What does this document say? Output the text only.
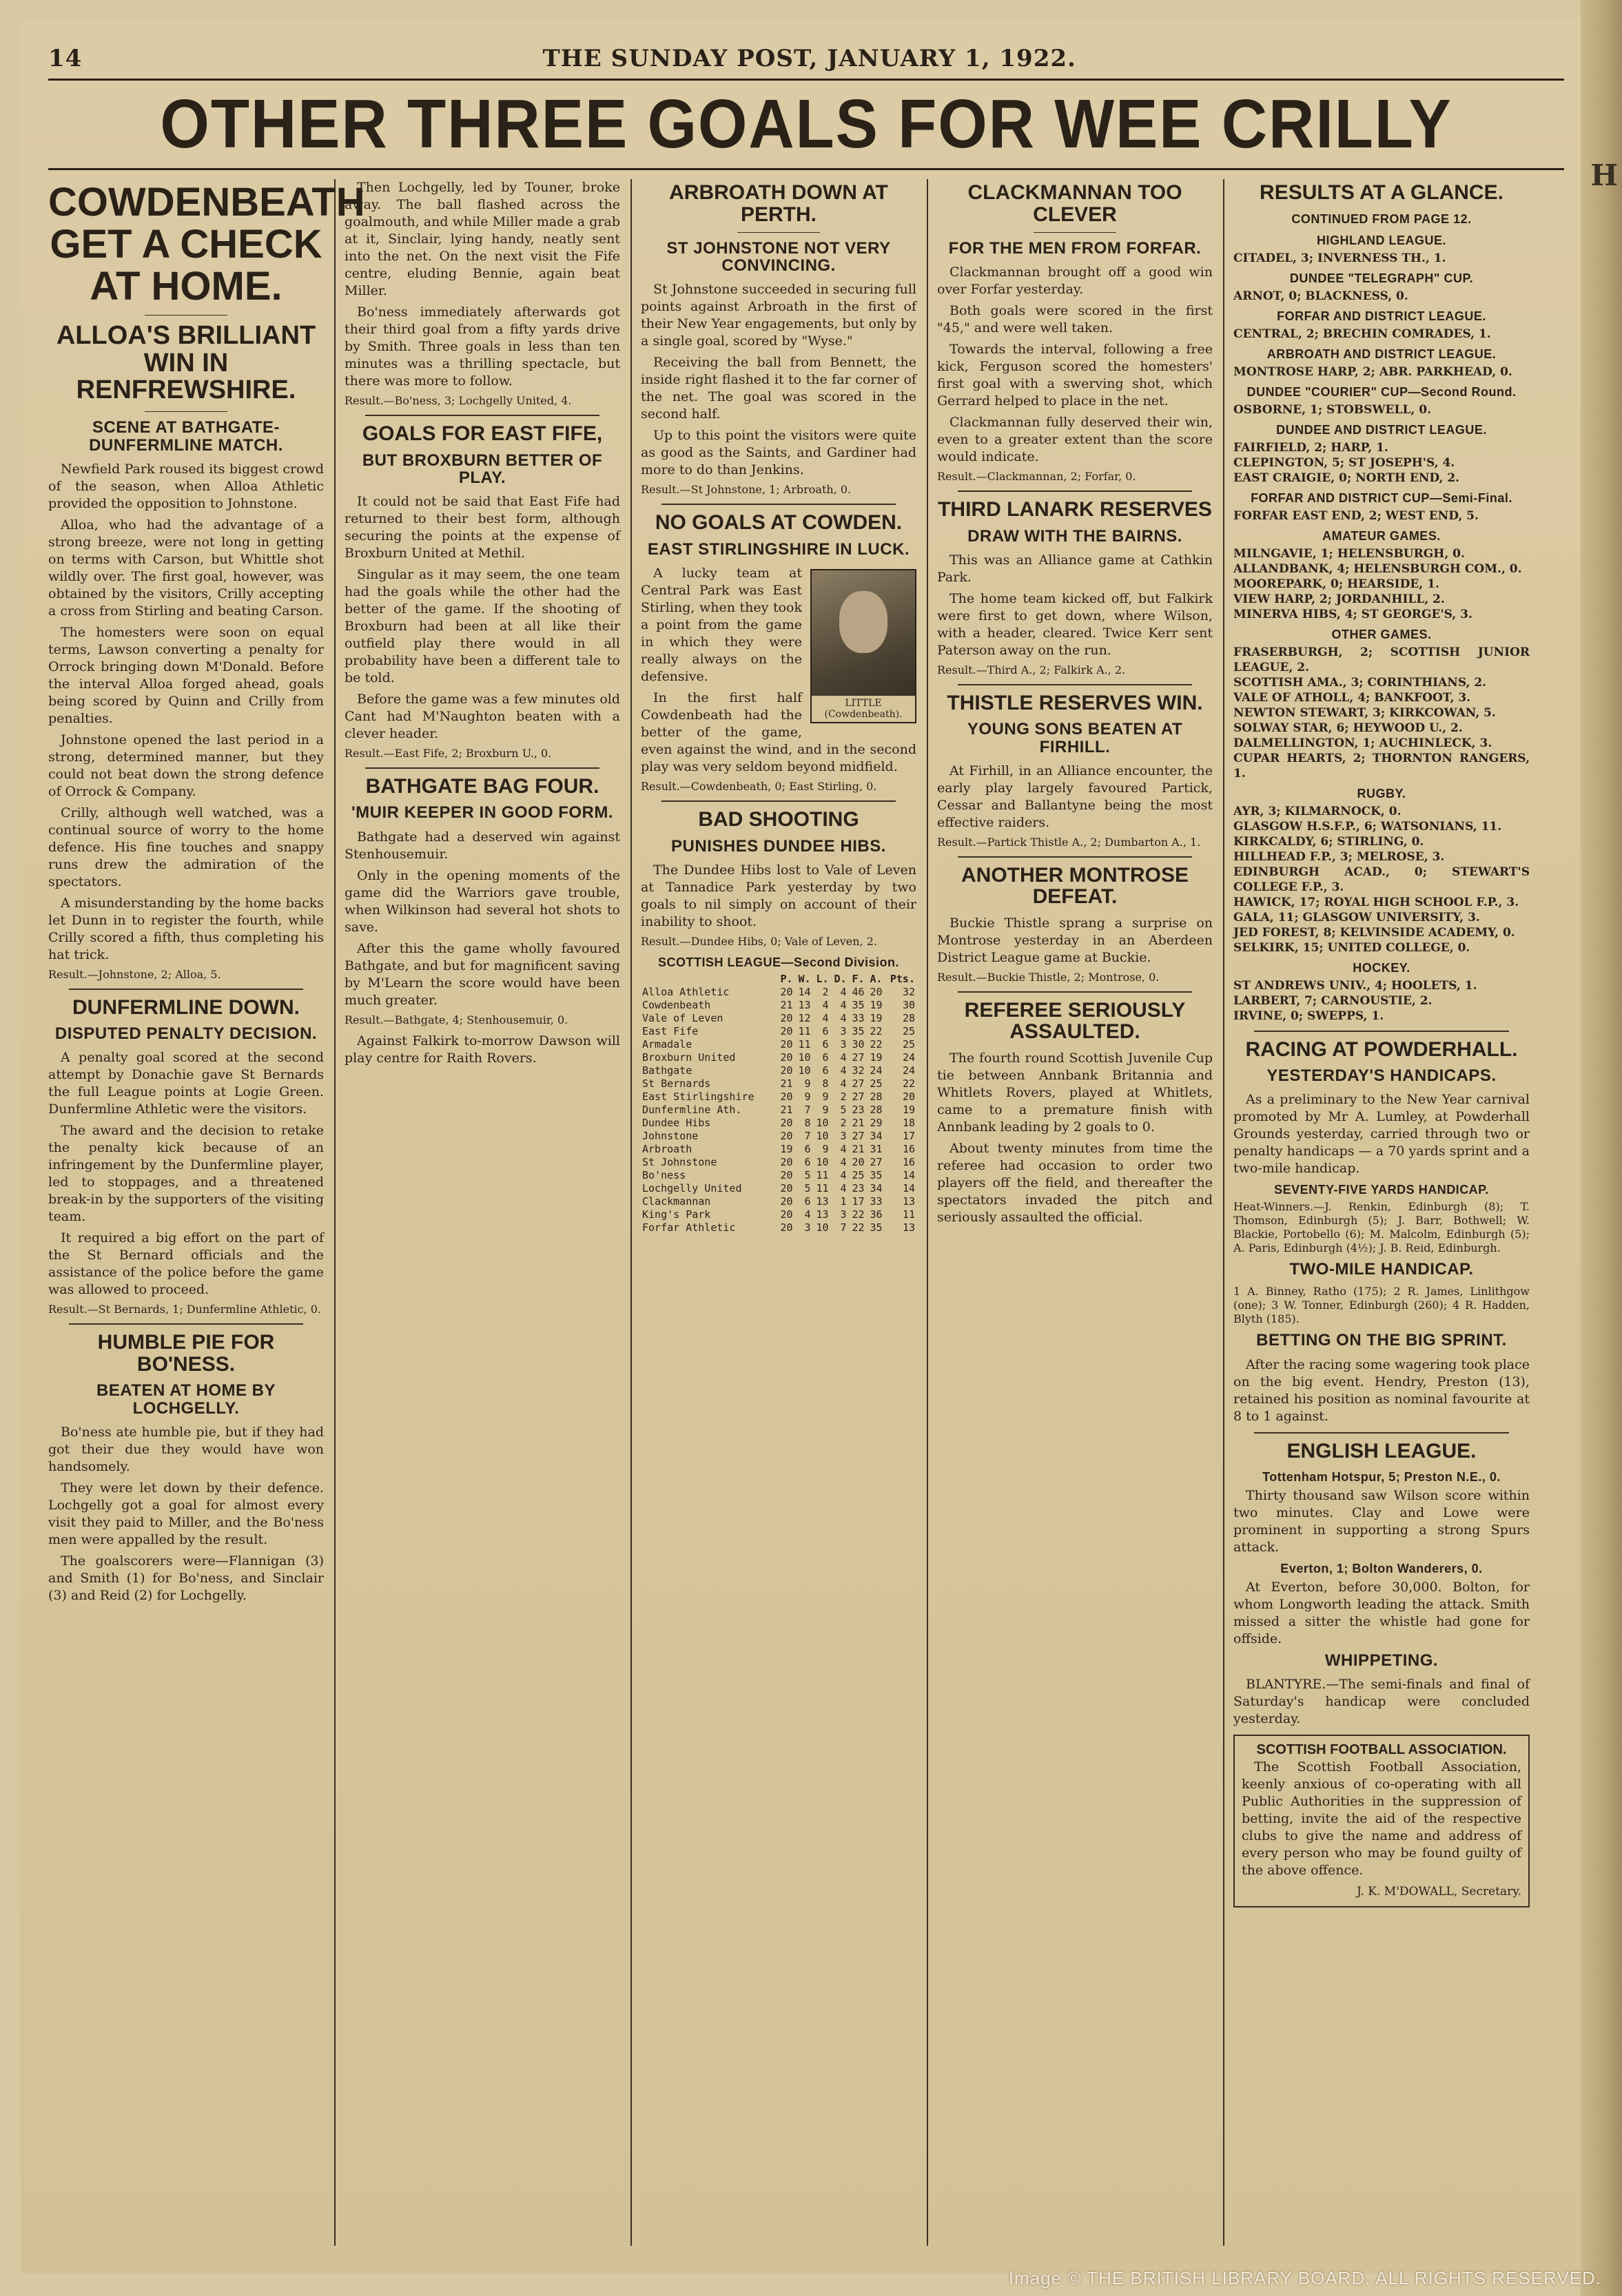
14	THE SUNDAY POST, JANUARY 1, 1922.
OTHER THREE GOALS FOR WEE CRILLY
COWDENBEATH GET A CHECK AT HOME.
ALLOA'S BRILLIANT WIN IN RENFREWSHIRE.
SCENE AT BATHGATE-DUNFERMLINE MATCH.

Newfield Park roused its biggest crowd of the season, when Alloa Athletic provided the opposition to Johnstone.

Alloa, who had the advantage of a strong breeze, were not long in getting on terms with Carson, but Whittle shot wildly over. The first goal, however, was obtained by the visitors, Crilly accepting a cross from Stirling and beating Carson.

The homesters were soon on equal terms, Lawson converting a penalty for Orrock bringing down M'Donald. Before the interval Alloa forged ahead, goals being scored by Quinn and Crilly from penalties.

Johnstone opened the last period in a strong, determined manner, but they could not beat down the strong defence of Orrock & Company.

Crilly, although well watched, was a continual source of worry to the home defence. His fine touches and snappy runs drew the admiration of the spectators.

A misunderstanding by the home backs let Dunn in to register the fourth, while Crilly scored a fifth, thus completing his hat trick.

Result.—Johnstone, 2; Alloa, 5.

DUNFERMLINE DOWN.
DISPUTED PENALTY DECISION.

A penalty goal scored at the second attempt by Donachie gave St Bernards the full League points at Logie Green. Dunfermline Athletic were the visitors.

The award and the decision to retake the penalty kick because of an infringement by the Dunfermline player, led to stoppages, and a threatened break-in by the supporters of the visiting team.

It required a big effort on the part of the St Bernard officials and the assistance of the police before the game was allowed to proceed.

Result.—St Bernards, 1; Dunfermline Athletic, 0.

HUMBLE PIE FOR BO'NESS.
BEATEN AT HOME BY LOCHGELLY.

Bo'ness ate humble pie, but if they had got their due they would have won handsomely.

They were let down by their defence. Lochgelly got a goal for almost every visit they paid to Miller, and the Bo'ness men were appalled by the result.

The goalscorers were—Flannigan (3) and Smith (1) for Bo'ness, and Sinclair (3) and Reid (2) for Lochgelly.

Then Lochgelly, led by Touner, broke away. The ball flashed across the goalmouth, and while Miller made a grab at it, Sinclair, lying handy, neatly sent into the net. On the next visit the Fife centre, eluding Bennie, again beat Miller.

Bo'ness immediately afterwards got their third goal from a fifty yards drive by Smith. Three goals in less than ten minutes was a thrilling spectacle, but there was more to follow.

Result.—Bo'ness, 3; Lochgelly United, 4.

GOALS FOR EAST FIFE,
BUT BROXBURN BETTER OF PLAY.

It could not be said that East Fife had returned to their best form, although securing the points at the expense of Broxburn United at Methil.

Singular as it may seem, the one team had the goals while the other had the better of the game. If the shooting of Broxburn had been at all like their outfield play there would in all probability have been a different tale to be told.

Before the game was a few minutes old Cant had M'Naughton beaten with a clever header.

Result.—East Fife, 2; Broxburn U., 0.

BATHGATE BAG FOUR.
'MUIR KEEPER IN GOOD FORM.

Bathgate had a deserved win against Stenhousemuir.

Only in the opening moments of the game did the Warriors gave trouble, when Wilkinson had several hot shots to save.

After this the game wholly favoured Bathgate, and but for magnificent saving by M'Learn the score would have been much greater.

Result.—Bathgate, 4; Stenhousemuir, 0.

Against Falkirk to-morrow Dawson will play centre for Raith Rovers.

ARBROATH DOWN AT PERTH.
ST JOHNSTONE NOT VERY CONVINCING.

St Johnstone succeeded in securing full points against Arbroath in the first of their New Year engagements, but only by a single goal, scored by "Wyse."

Receiving the ball from Bennett, the inside right flashed it to the far corner of the net. The goal was scored in the second half.

Up to this point the visitors were quite as good as the Saints, and Gardiner had more to do than Jenkins.

Result.—St Johnstone, 1; Arbroath, 0.

NO GOALS AT COWDEN.
EAST STIRLINGSHIRE IN LUCK.
LITTLE (Cowdenbeath).

A lucky team at Central Park was East Stirling, when they took a point from the game in which they were really always on the defensive.

In the first half Cowdenbeath had the better of the game, even against the wind, and in the second play was very seldom beyond midfield.

Result.—Cowdenbeath, 0; East Stirling, 0.

BAD SHOOTING
PUNISHES DUNDEE HIBS.

The Dundee Hibs lost to Vale of Leven at Tannadice Park yesterday by two goals to nil simply on account of their inability to shoot.

Result.—Dundee Hibs, 0; Vale of Leven, 2.

SCOTTISH LEAGUE—Second Division.
	P.	W.	L.	D.	F.	A.	Pts.
Alloa Athletic	20	14	2	4	46	20	32
Cowdenbeath	21	13	4	4	35	19	30
Vale of Leven	20	12	4	4	33	19	28
East Fife	20	11	6	3	35	22	25
Armadale	20	11	6	3	30	22	25
Broxburn United	20	10	6	4	27	19	24
Bathgate	20	10	6	4	32	24	24
St Bernards	21	9	8	4	27	25	22
East Stirlingshire	20	9	9	2	27	28	20
Dunfermline Ath.	21	7	9	5	23	28	19
Dundee Hibs	20	8	10	2	21	29	18
Johnstone	20	7	10	3	27	34	17
Arbroath	19	6	9	4	21	31	16
St Johnstone	20	6	10	4	20	27	16
Bo'ness	20	5	11	4	25	35	14
Lochgelly United	20	5	11	4	23	34	14
Clackmannan	20	6	13	1	17	33	13
King's Park	20	4	13	3	22	36	11
Forfar Athletic	20	3	10	7	22	35	13
CLACKMANNAN TOO CLEVER
FOR THE MEN FROM FORFAR.

Clackmannan brought off a good win over Forfar yesterday.

Both goals were scored in the first "45," and were well taken.

Towards the interval, following a free kick, Ferguson scored the homesters' first goal with a swerving shot, which Gerrard helped to place in the net.

Clackmannan fully deserved their win, even to a greater extent than the score would indicate.

Result.—Clackmannan, 2; Forfar, 0.

THIRD LANARK RESERVES
DRAW WITH THE BAIRNS.

This was an Alliance game at Cathkin Park.

The home team kicked off, but Falkirk were first to get down, where Wilson, with a header, cleared. Twice Kerr sent Paterson away on the run.

Result.—Third A., 2; Falkirk A., 2.

THISTLE RESERVES WIN.
YOUNG SONS BEATEN AT FIRHILL.

At Firhill, in an Alliance encounter, the early play largely favoured Partick, Cessar and Ballantyne being the most effective raiders.

Result.—Partick Thistle A., 2; Dumbarton A., 1.

ANOTHER MONTROSE DEFEAT.

Buckie Thistle sprang a surprise on Montrose yesterday in an Aberdeen District League game at Buckie.

Result.—Buckie Thistle, 2; Montrose, 0.

REFEREE SERIOUSLY ASSAULTED.

The fourth round Scottish Juvenile Cup tie between Annbank Britannia and Whitlets Rovers, played at Whitlets, came to a premature finish with Annbank leading by 2 goals to 0.

About twenty minutes from time the referee had occasion to order two players off the field, and thereafter the spectators invaded the pitch and seriously assaulted the official.

RESULTS AT A GLANCE.
CONTINUED FROM PAGE 12.
HIGHLAND LEAGUE.
CITADEL, 3; INVERNESS TH., 1.
DUNDEE "TELEGRAPH" CUP.
ARNOT, 0; BLACKNESS, 0.
FORFAR AND DISTRICT LEAGUE.
CENTRAL, 2; BRECHIN COMRADES, 1.
ARBROATH AND DISTRICT LEAGUE.
MONTROSE HARP, 2; ABR. PARKHEAD, 0.
DUNDEE "COURIER" CUP—Second Round.
OSBORNE, 1; STOBSWELL, 0.
DUNDEE AND DISTRICT LEAGUE.
FAIRFIELD, 2; HARP, 1.
CLEPINGTON, 5; ST JOSEPH'S, 4.
EAST CRAIGIE, 0; NORTH END, 2.
FORFAR AND DISTRICT CUP—Semi-Final.
FORFAR EAST END, 2; WEST END, 5.
AMATEUR GAMES.
MILNGAVIE, 1; HELENSBURGH, 0.
ALLANDBANK, 4; HELENSBURGH COM., 0.
MOOREPARK, 0; HEARSIDE, 1.
VIEW HARP, 2; JORDANHILL, 2.
MINERVA HIBS, 4; ST GEORGE'S, 3.
OTHER GAMES.
FRASERBURGH, 2; SCOTTISH JUNIOR LEAGUE, 2.
SCOTTISH AMA., 3; CORINTHIANS, 2.
VALE OF ATHOLL, 4; BANKFOOT, 3.
NEWTON STEWART, 3; KIRKCOWAN, 5.
SOLWAY STAR, 6; HEYWOOD U., 2.
DALMELLINGTON, 1; AUCHINLECK, 3.
CUPAR HEARTS, 2; THORNTON RANGERS, 1.
RUGBY.
AYR, 3; KILMARNOCK, 0.
GLASGOW H.S.F.P., 6; WATSONIANS, 11.
KIRKCALDY, 6; STIRLING, 0.
HILLHEAD F.P., 3; MELROSE, 3.
EDINBURGH ACAD., 0; STEWART'S COLLEGE F.P., 3.
HAWICK, 17; ROYAL HIGH SCHOOL F.P., 3.
GALA, 11; GLASGOW UNIVERSITY, 3.
JED FOREST, 8; KELVINSIDE ACADEMY, 0.
SELKIRK, 15; UNITED COLLEGE, 0.
HOCKEY.
ST ANDREWS UNIV., 4; HOOLETS, 1.
LARBERT, 7; CARNOUSTIE, 2.
IRVINE, 0; SWEPPS, 1.
RACING AT POWDERHALL.
YESTERDAY'S HANDICAPS.

As a preliminary to the New Year carnival promoted by Mr A. Lumley, at Powderhall Grounds yesterday, carried through two or penalty handicaps — a 70 yards sprint and a two-mile handicap.

SEVENTY-FIVE YARDS HANDICAP.

Heat-Winners.—J. Renkin, Edinburgh (8); T. Thomson, Edinburgh (5); J. Barr, Bothwell; W. Blackie, Portobello (6); M. Malcolm, Edinburgh (5); A. Paris, Edinburgh (4½); J. B. Reid, Edinburgh.

TWO-MILE HANDICAP.

1 A. Binney, Ratho (175); 2 R. James, Linlithgow (one); 3 W. Tonner, Edinburgh (260); 4 R. Hadden, Blyth (185).

BETTING ON THE BIG SPRINT.

After the racing some wagering took place on the big event. Hendry, Preston (13), retained his position as nominal favourite at 8 to 1 against.

ENGLISH LEAGUE.
Tottenham Hotspur, 5; Preston N.E., 0.

Thirty thousand saw Wilson score within two minutes. Clay and Lowe were prominent in supporting a strong Spurs attack.

Everton, 1; Bolton Wanderers, 0.

At Everton, before 30,000. Bolton, for whom Longworth leading the attack. Smith missed a sitter the whistle had gone for offside.

WHIPPETING.

BLANTYRE.—The semi-finals and final of Saturday's handicap were concluded yesterday.

SCOTTISH FOOTBALL ASSOCIATION.

The Scottish Football Association, keenly anxious of co-operating with all Public Authorities in the suppression of betting, invite the aid of the respective clubs to give the name and address of every person who may be found guilty of the above offence.

J. K. M'DOWALL, Secretary.
H
Image © THE BRITISH LIBRARY BOARD. ALL RIGHTS RESERVED.
